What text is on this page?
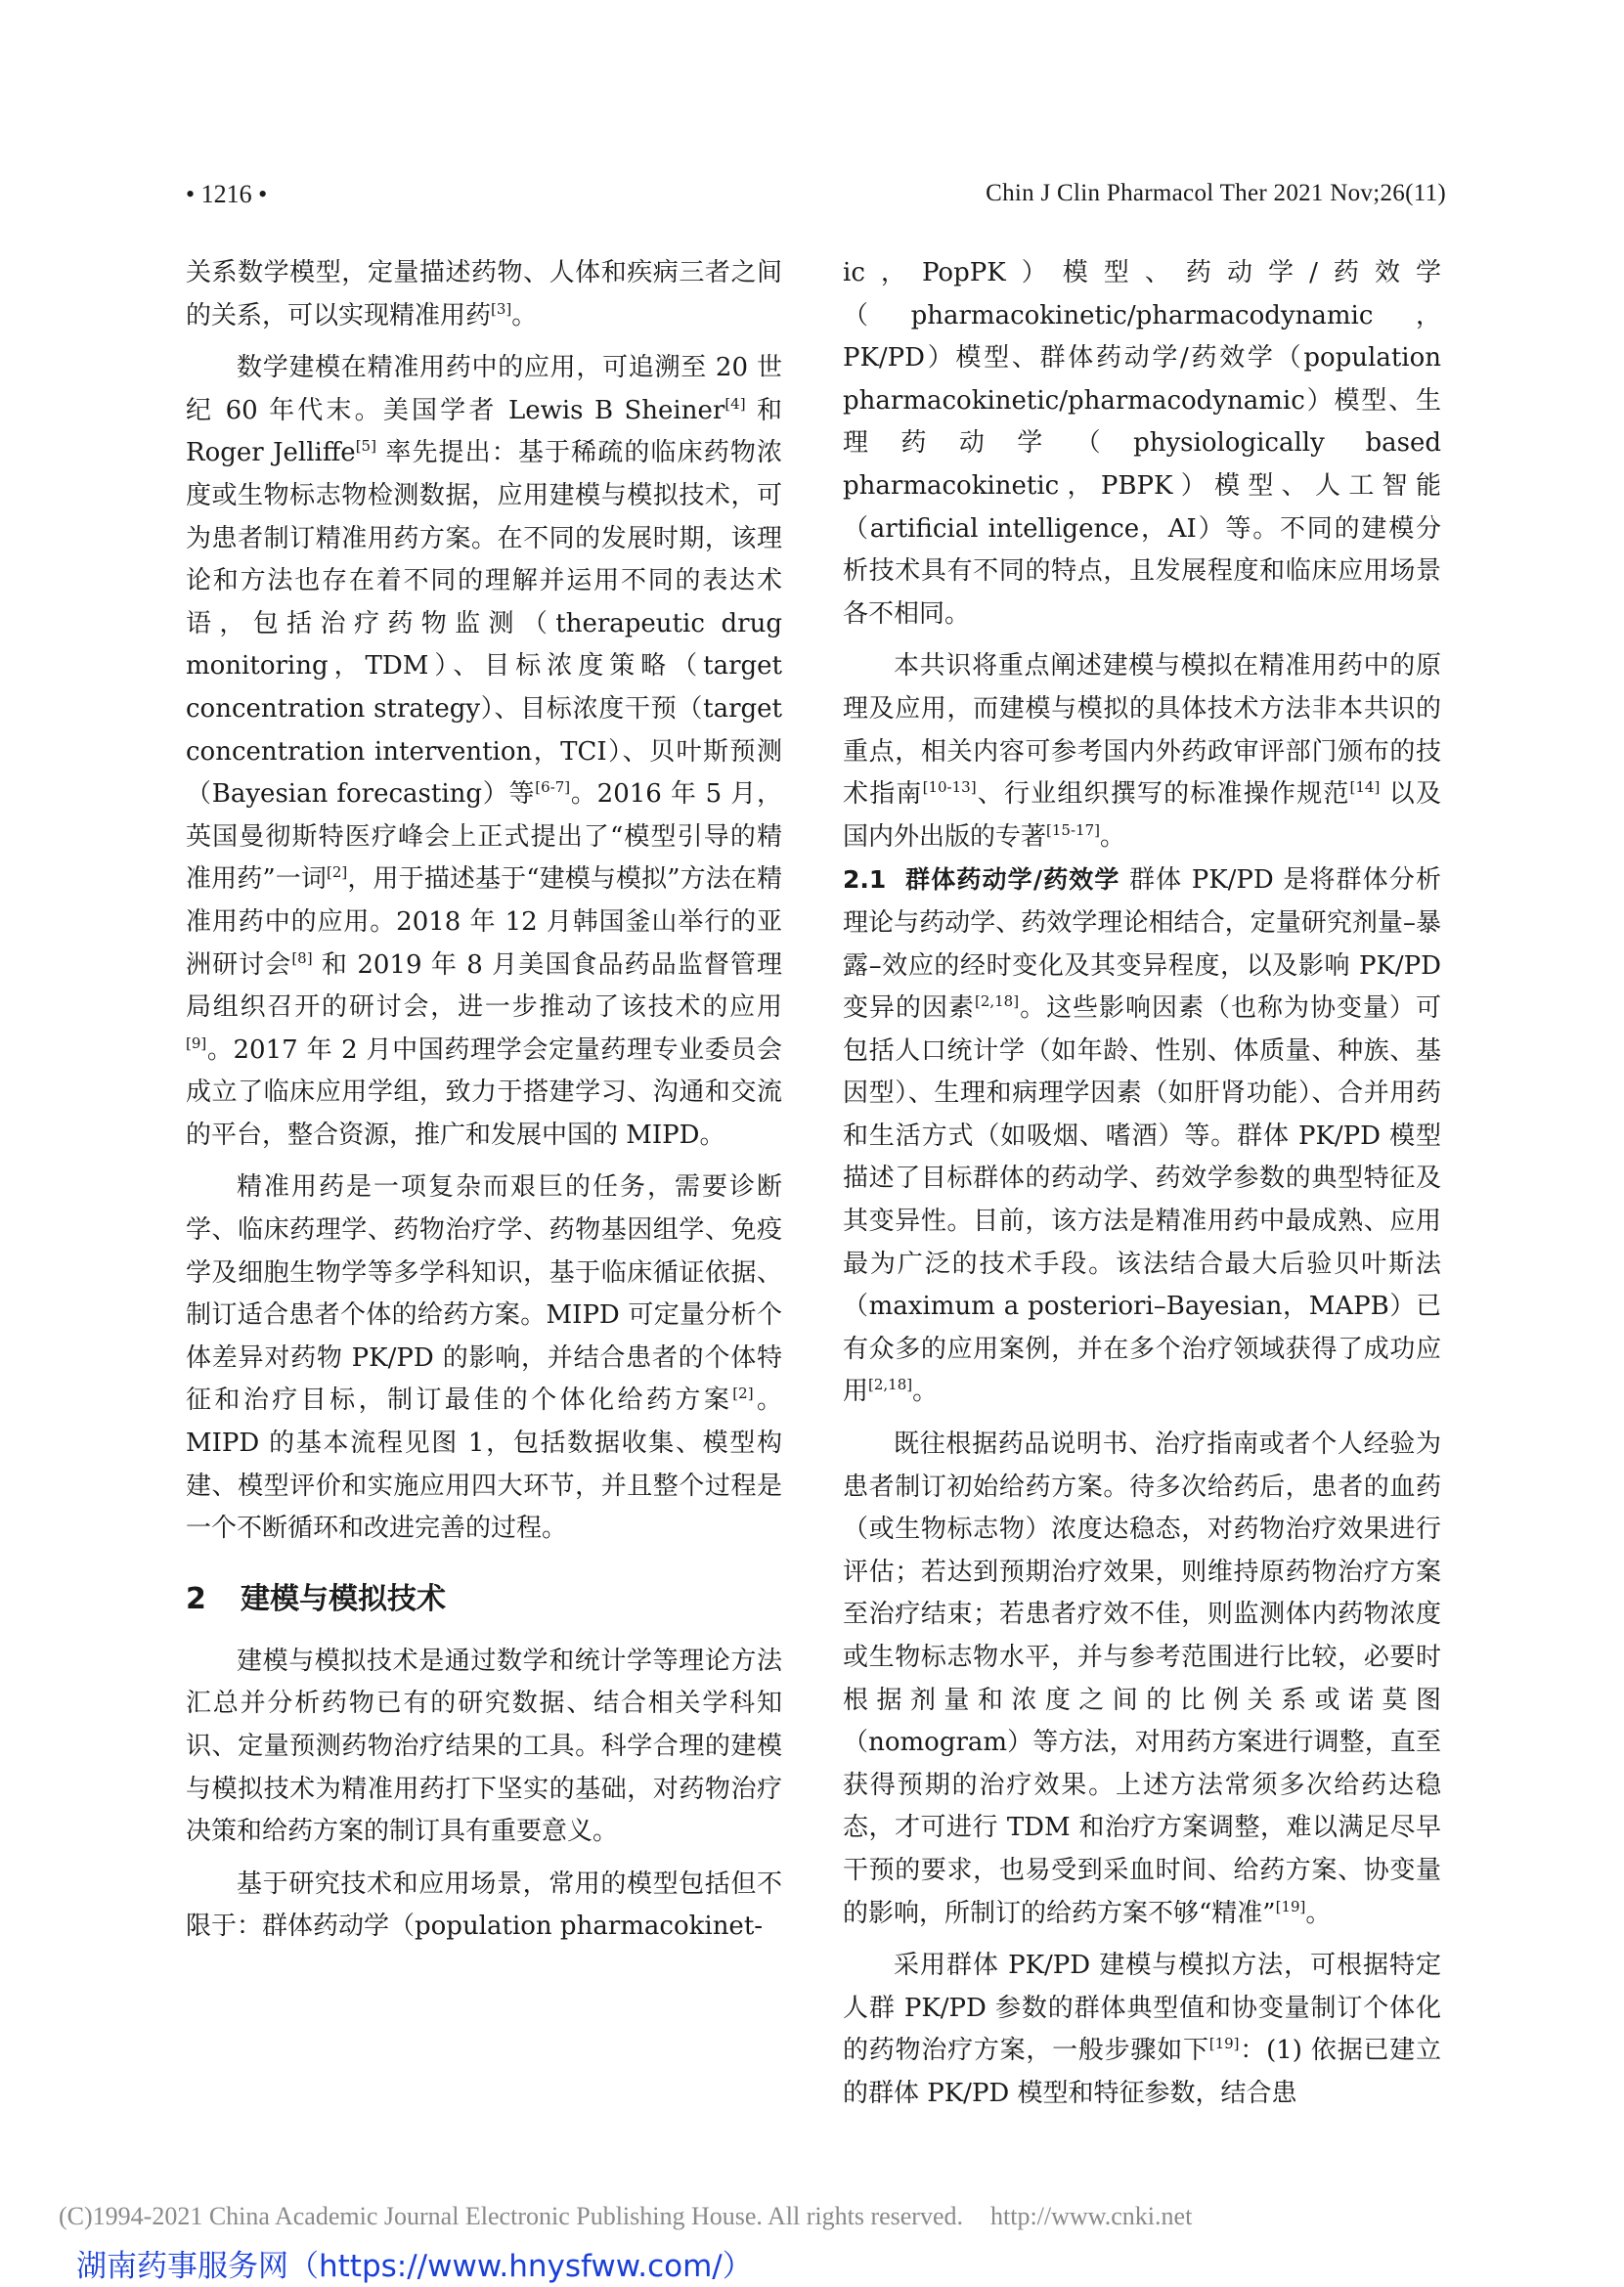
• 1216 •	Chin J Clin Pharmacol Ther 2021 Nov;26(11)

关系数学模型，定量描述药物、人体和疾病三者之间的关系，可以实现精准用药[3]。

数学建模在精准用药中的应用，可追溯至 20 世纪 60 年代末。美国学者 Lewis B Sheiner[4] 和 Roger Jelliffe[5] 率先提出：基于稀疏的临床药物浓度或生物标志物检测数据，应用建模与模拟技术，可为患者制订精准用药方案。在不同的发展时期，该理论和方法也存在着不同的理解并运用不同的表达术语，包括治疗药物监测（therapeutic drug monitoring，TDM）、目标浓度策略（target concentration strategy）、目标浓度干预（target concentration intervention，TCI）、贝叶斯预测（Bayesian forecasting）等[6-7]。2016 年 5 月，英国曼彻斯特医疗峰会上正式提出了“模型引导的精准用药”一词[2]，用于描述基于“建模与模拟”方法在精准用药中的应用。2018 年 12 月韩国釜山举行的亚洲研讨会[8] 和 2019 年 8 月美国食品药品监督管理局组织召开的研讨会，进一步推动了该技术的应用[9]。2017 年 2 月中国药理学会定量药理专业委员会成立了临床应用学组，致力于搭建学习、沟通和交流的平台，整合资源，推广和发展中国的 MIPD。

精准用药是一项复杂而艰巨的任务，需要诊断学、临床药理学、药物治疗学、药物基因组学、免疫学及细胞生物学等多学科知识，基于临床循证依据、制订适合患者个体的给药方案。MIPD 可定量分析个体差异对药物 PK/PD 的影响，并结合患者的个体特征和治疗目标，制订最佳的个体化给药方案[2]。MIPD 的基本流程见图 1，包括数据收集、模型构建、模型评价和实施应用四大环节，并且整个过程是一个不断循环和改进完善的过程。

2 建模与模拟技术

建模与模拟技术是通过数学和统计学等理论方法汇总并分析药物已有的研究数据、结合相关学科知识、定量预测药物治疗结果的工具。科学合理的建模与模拟技术为精准用药打下坚实的基础，对药物治疗决策和给药方案的制订具有重要意义。

基于研究技术和应用场景，常用的模型包括但不限于：群体药动学（population pharmacokinet-

ic，PopPK）模型、药动学/药效学（pharmacokinetic/pharmacodynamic，PK/PD）模型、群体药动学/药效学（population pharmacokinetic/pharmacodynamic）模型、生理药动学（physiologically based pharmacokinetic，PBPK）模型、人工智能（artificial intelligence，AI）等。不同的建模分析技术具有不同的特点，且发展程度和临床应用场景各不相同。

本共识将重点阐述建模与模拟在精准用药中的原理及应用，而建模与模拟的具体技术方法非本共识的重点，相关内容可参考国内外药政审评部门颁布的技术指南[10-13]、行业组织撰写的标准操作规范[14] 以及国内外出版的专著[15-17]。

2.1 群体药动学/药效学 群体 PK/PD 是将群体分析理论与药动学、药效学理论相结合，定量研究剂量–暴露–效应的经时变化及其变异程度，以及影响 PK/PD 变异的因素[2,18]。这些影响因素（也称为协变量）可包括人口统计学（如年龄、性别、体质量、种族、基因型）、生理和病理学因素（如肝肾功能）、合并用药和生活方式（如吸烟、嗜酒）等。群体 PK/PD 模型描述了目标群体的药动学、药效学参数的典型特征及其变异性。目前，该方法是精准用药中最成熟、应用最为广泛的技术手段。该法结合最大后验贝叶斯法（maximum a posteriori–Bayesian，MAPB）已有众多的应用案例，并在多个治疗领域获得了成功应用[2,18]。

既往根据药品说明书、治疗指南或者个人经验为患者制订初始给药方案。待多次给药后，患者的血药（或生物标志物）浓度达稳态，对药物治疗效果进行评估；若达到预期治疗效果，则维持原药物治疗方案至治疗结束；若患者疗效不佳，则监测体内药物浓度或生物标志物水平，并与参考范围进行比较，必要时根据剂量和浓度之间的比例关系或诺莫图（nomogram）等方法，对用药方案进行调整，直至获得预期的治疗效果。上述方法常须多次给药达稳态，才可进行 TDM 和治疗方案调整，难以满足尽早干预的要求，也易受到采血时间、给药方案、协变量的影响，所制订的给药方案不够“精准”[19]。

采用群体 PK/PD 建模与模拟方法，可根据特定人群 PK/PD 参数的群体典型值和协变量制订个体化的药物治疗方案，一般步骤如下[19]：(1) 依据已建立的群体 PK/PD 模型和特征参数，结合患

(C)1994-2021 China Academic Journal Electronic Publishing House. All rights reserved. http://www.cnki.net
湖南药事服务网（https://www.hnysfww.com/）
